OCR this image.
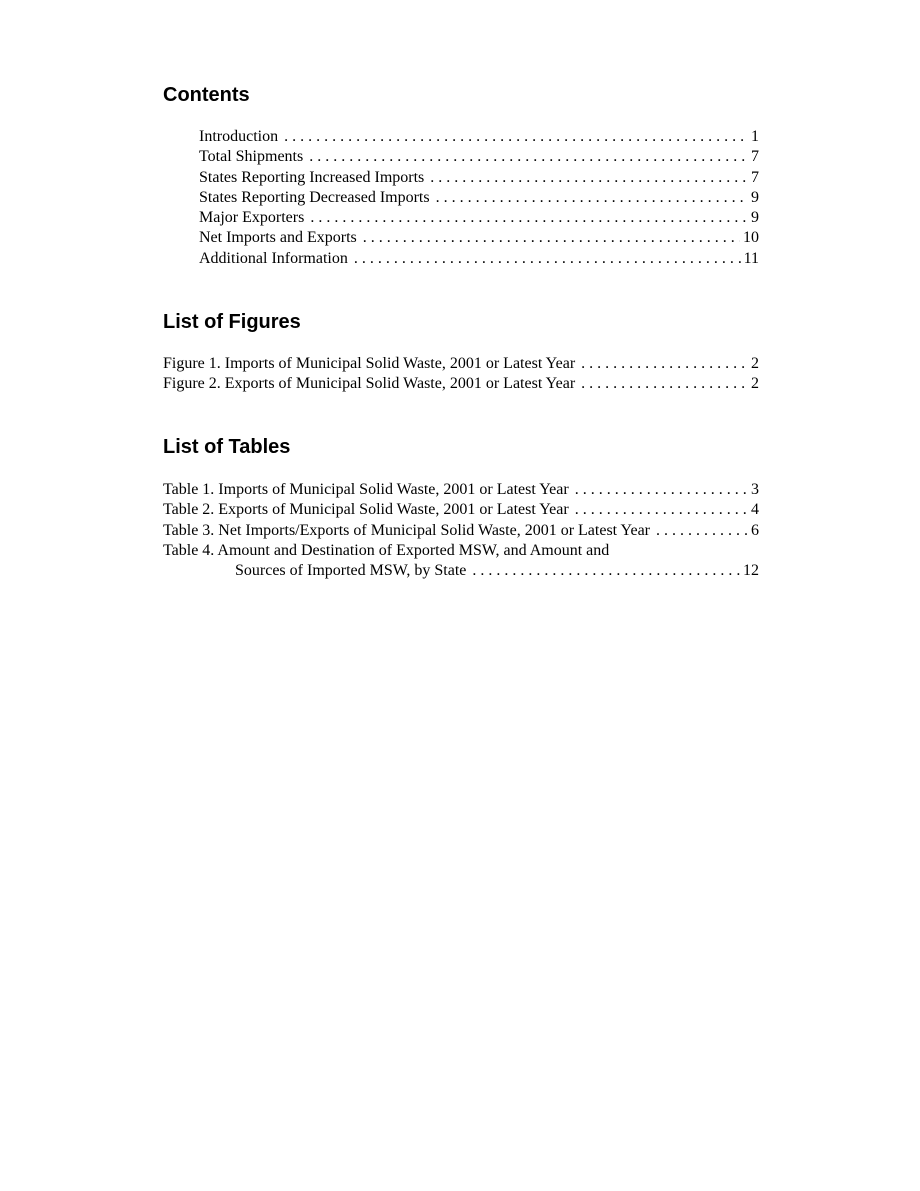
Contents
Introduction . . .	1
Total Shipments . . .	7
States Reporting Increased Imports . . .	7
States Reporting Decreased Imports . . .	9
Major Exporters . . .	9
Net Imports and Exports . . .	10
Additional Information . . .	11
List of Figures
Figure 1. Imports of Municipal Solid Waste, 2001 or Latest Year . . .	2
Figure 2. Exports of Municipal Solid Waste, 2001 or Latest Year . . .	2
List of Tables
Table 1. Imports of Municipal Solid Waste, 2001 or Latest Year . . .	3
Table 2. Exports of Municipal Solid Waste, 2001 or Latest Year . . .	4
Table 3. Net Imports/Exports of Municipal Solid Waste, 2001 or Latest Year . . .	6
Table 4. Amount and Destination of Exported MSW, and Amount and
Sources of Imported MSW, by State . . .	12
